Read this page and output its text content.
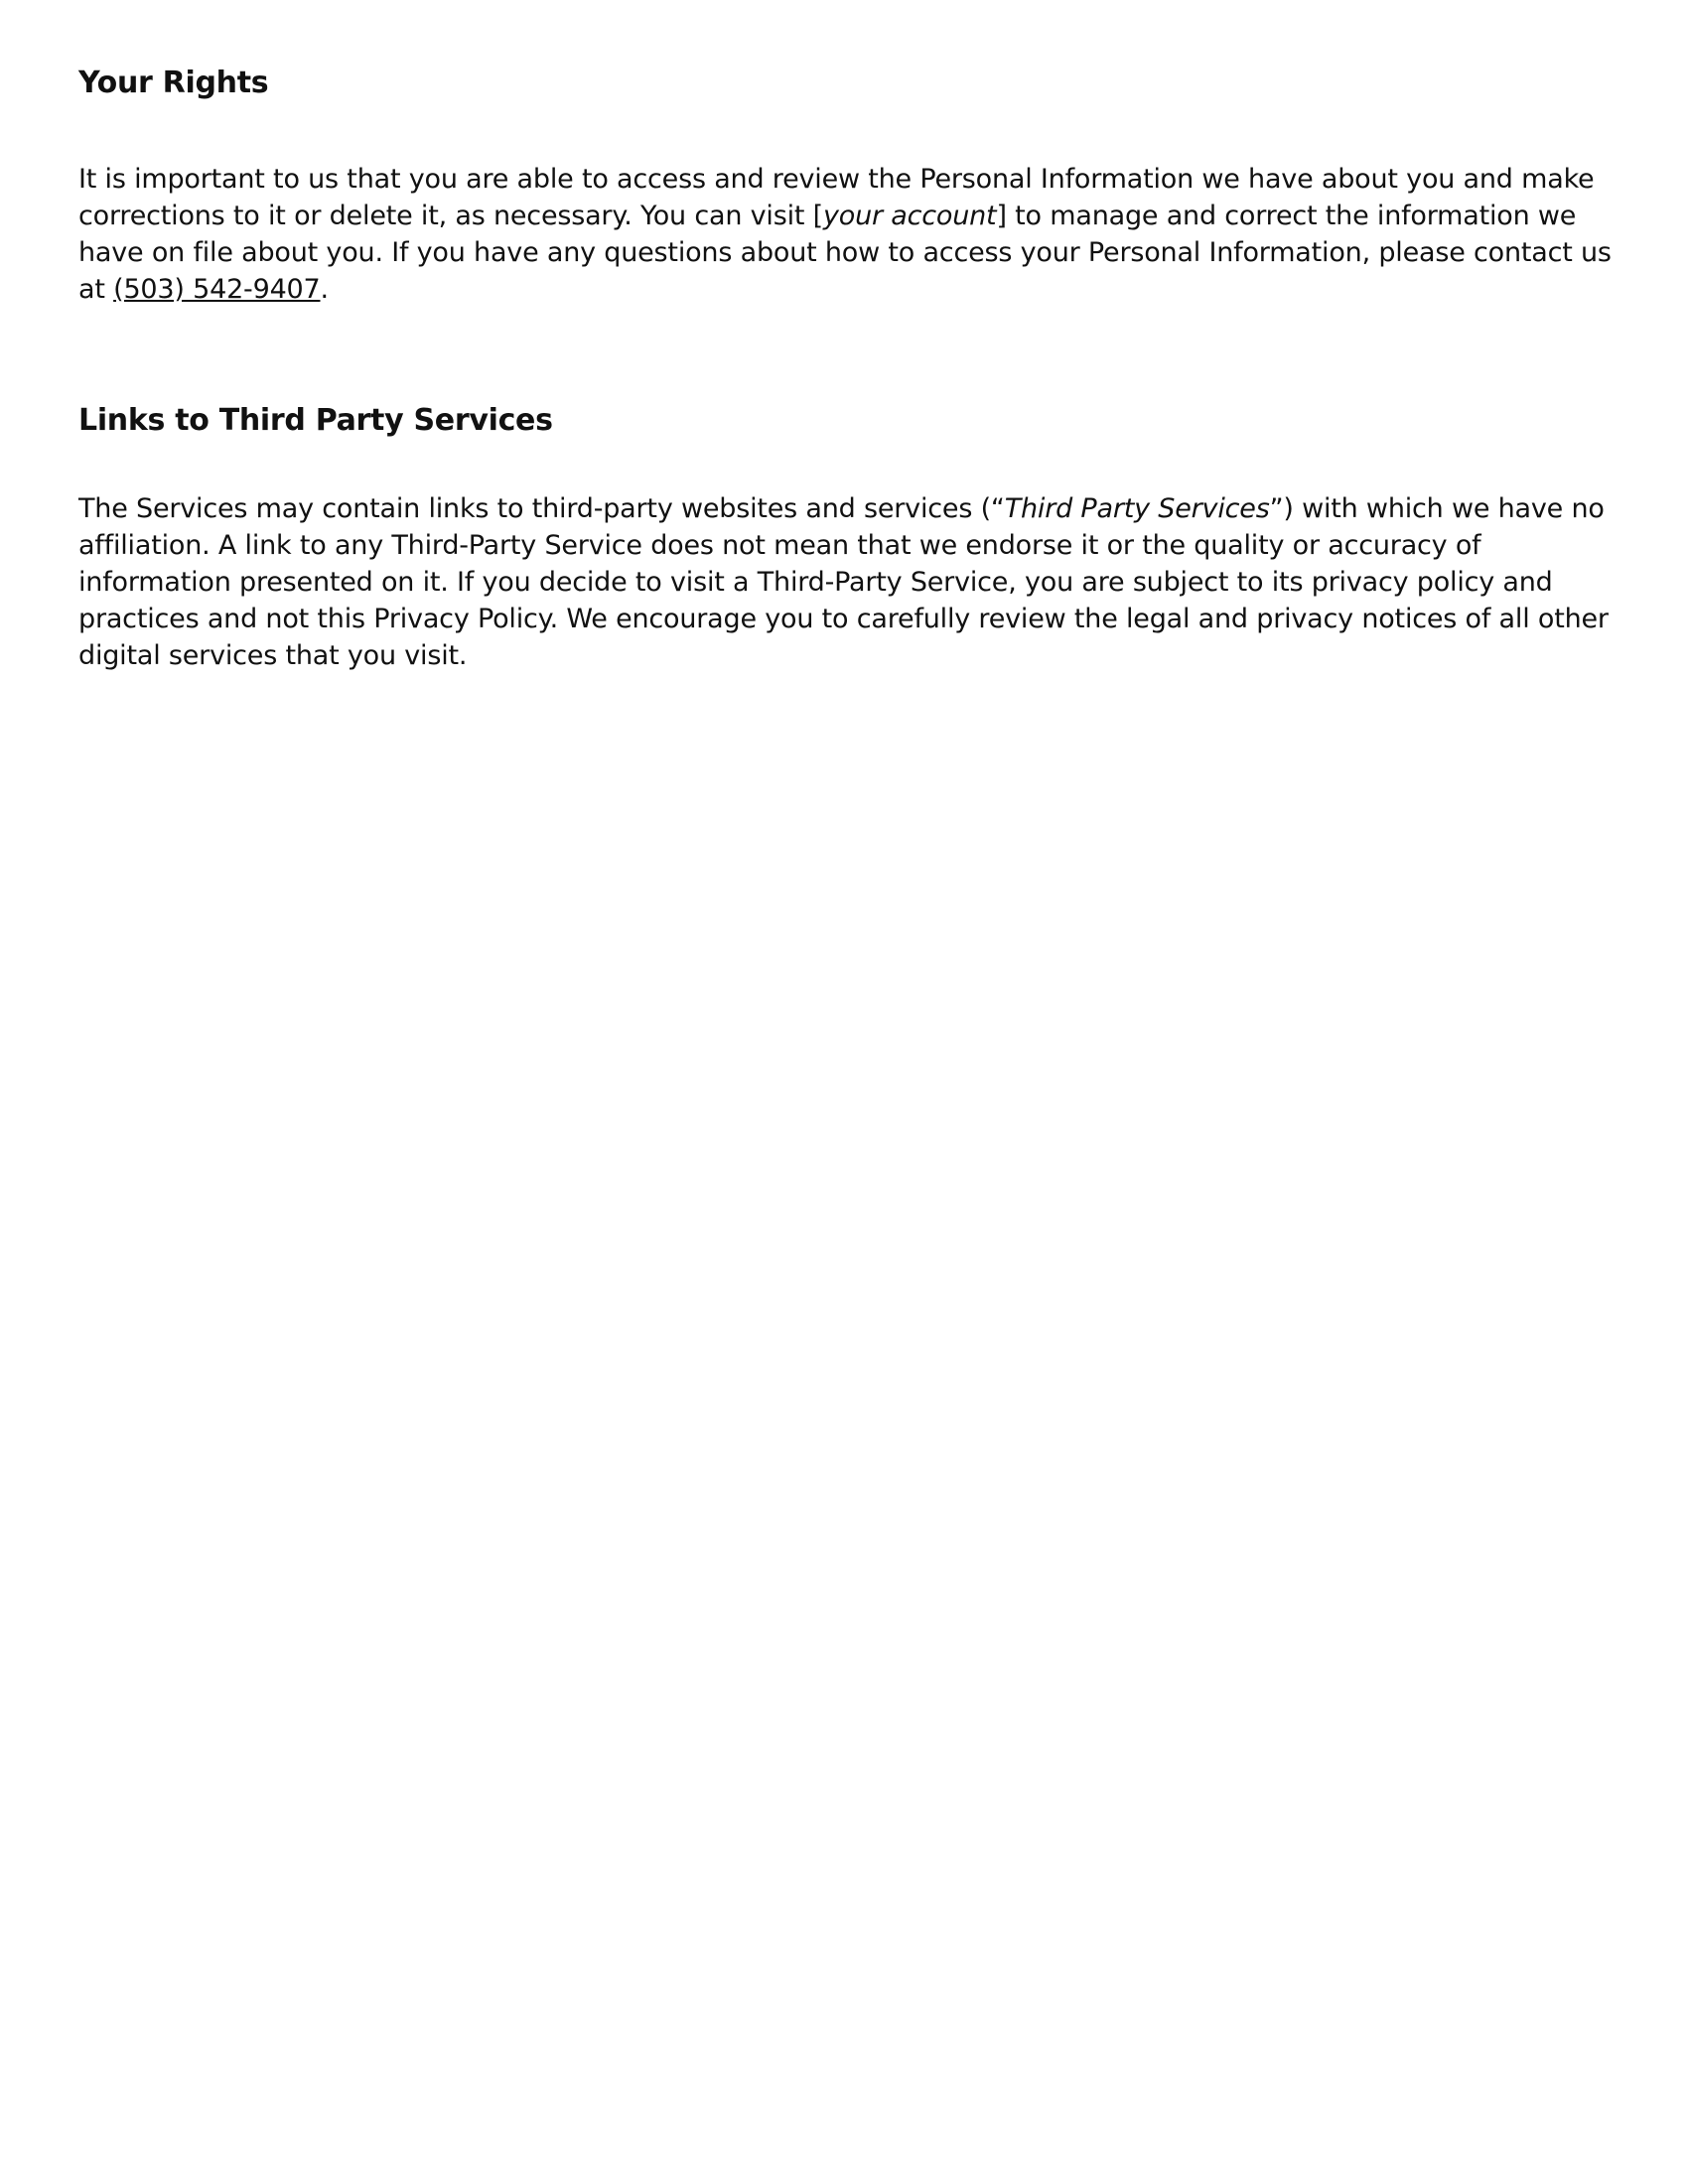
Your Rights

It is important to us that you are able to access and review the Personal Information we have about you and make corrections to it or delete it, as necessary. You can visit [your account] to manage and correct the information we have on file about you. If you have any questions about how to access your Personal Information, please contact us at (503) 542-9407.

Links to Third Party Services

The Services may contain links to third-party websites and services (“Third Party Services”) with which we have no affiliation. A link to any Third-Party Service does not mean that we endorse it or the quality or accuracy of information presented on it. If you decide to visit a Third-Party Service, you are subject to its privacy policy and practices and not this Privacy Policy. We encourage you to carefully review the legal and privacy notices of all other digital services that you visit.
